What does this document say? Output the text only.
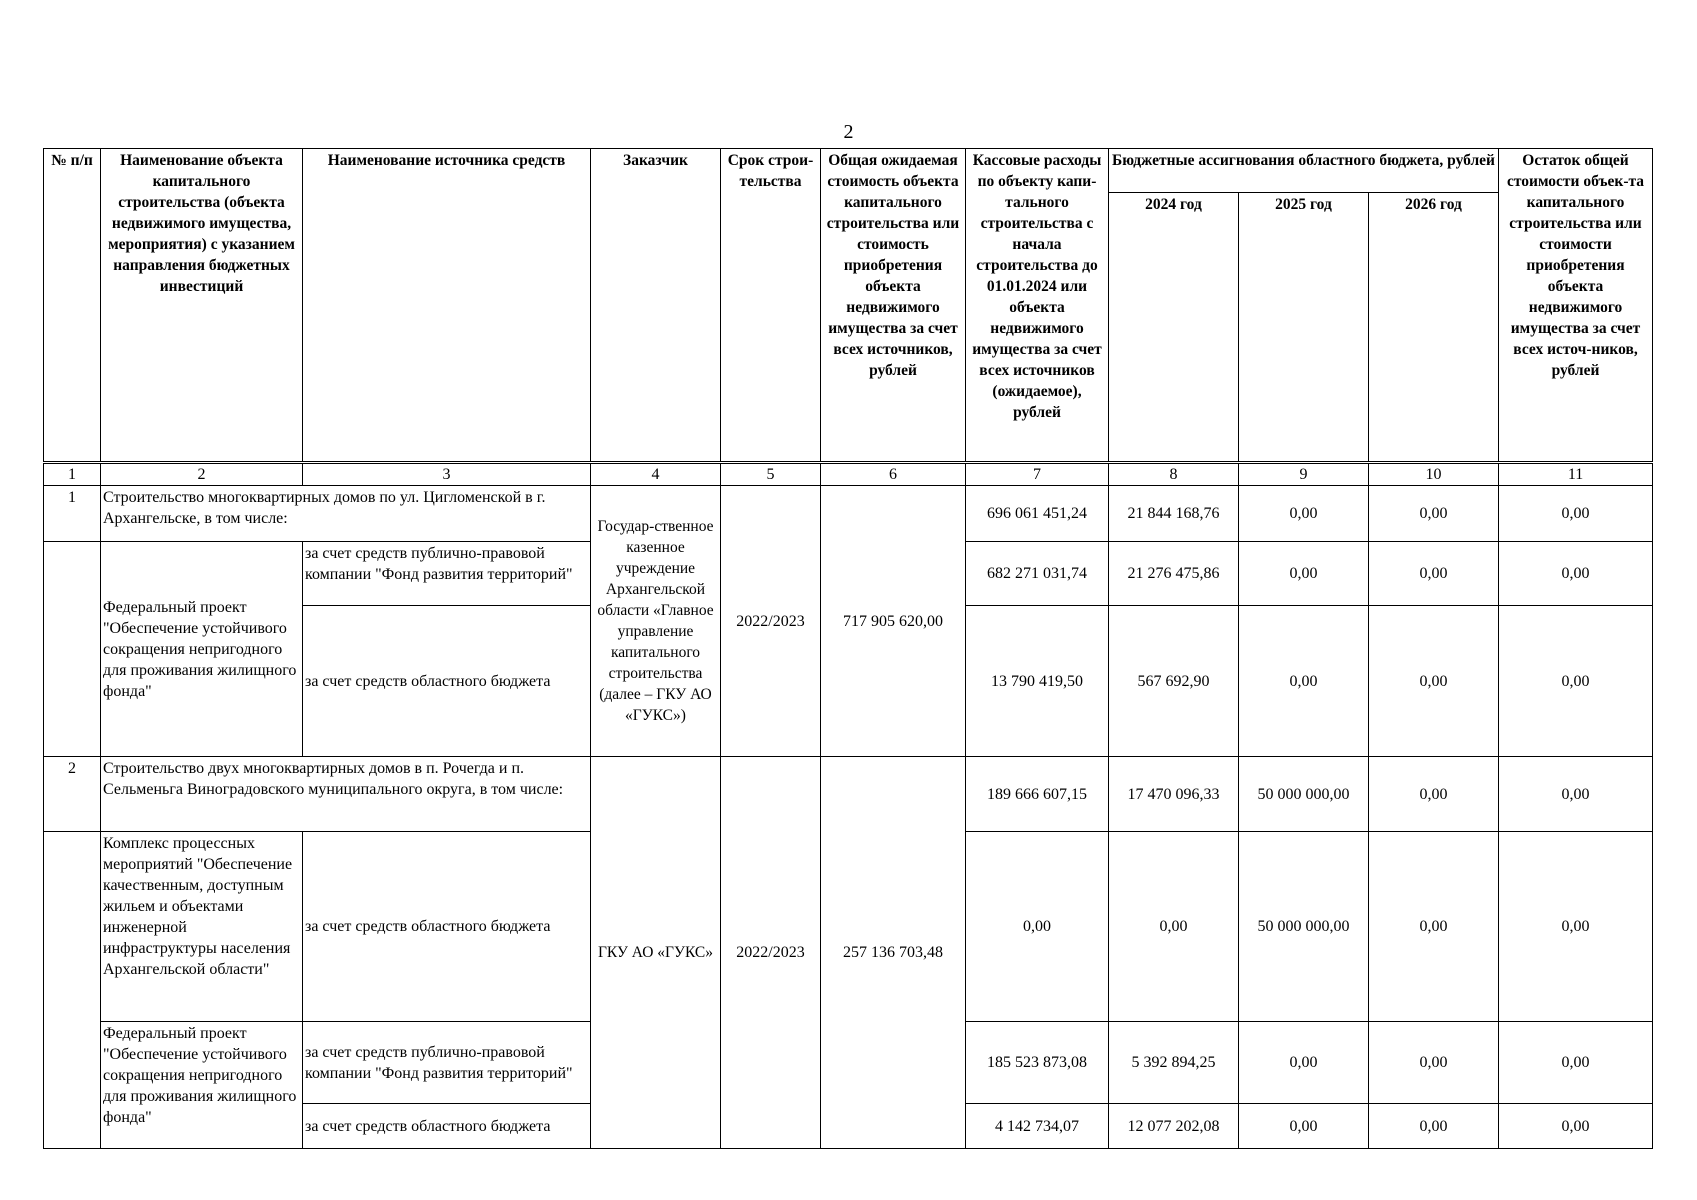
2
№ п/п	Наименование объекта капитального строительства (объекта недвижимого имущества, мероприятия) с указанием направления бюджетных инвестиций	Наименование источника средств	Заказчик	Срок строи-тельства	Общая ожидаемая стоимость объекта капитального строительства или стоимость приобретения объекта недвижимого имущества за счет всех источников, рублей	Кассовые расходы по объекту капи-тального строительства с начала строительства до 01.01.2024 или объекта недвижимого имущества за счет всех источников (ожидаемое), рублей	Бюджетные ассигнования областного бюджета, рублей			Остаток общей стоимости объек-та капитального строительства или стоимости приобретения объекта недвижимого имущества за счет всех источ-ников, рублей
							2024 год	2025 год	2026 год	
1	2	3	4	5	6	7	8	9	10	11
1	Строительство многоквартирных домов по ул. Цигломенской в г. Архангельске, в том числе:		Государ-ственное казенное учреждение Архангельской области «Главное управление капитального строительства (далее – ГКУ АО «ГУКС»)	2022/2023	717 905 620,00	696 061 451,24	21 844 168,76	0,00	0,00	0,00
	Федеральный проект "Обеспечение устойчивого сокращения непригодного для проживания жилищного фонда"	за счет средств публично-правовой компании "Фонд развития территорий"				682 271 031,74	21 276 475,86	0,00	0,00	0,00
		за счет средств областного бюджета				13 790 419,50	567 692,90	0,00	0,00	0,00
2	Строительство двух многоквартирных домов в п. Рочегда и п. Сельменьга Виноградовского муниципального округа, в том числе:		ГКУ АО «ГУКС»	2022/2023	257 136 703,48	189 666 607,15	17 470 096,33	50 000 000,00	0,00	0,00
	Комплекс процессных мероприятий "Обеспечение качественным, доступным жильем и объектами инженерной инфраструктуры населения Архангельской области"	за счет средств областного бюджета				0,00	0,00	50 000 000,00	0,00	0,00
	Федеральный проект "Обеспечение устойчивого сокращения непригодного для проживания жилищного фонда"	за счет средств публично-правовой компании "Фонд развития территорий"				185 523 873,08	5 392 894,25	0,00	0,00	0,00
		за счет средств областного бюджета				4 142 734,07	12 077 202,08	0,00	0,00	0,00
